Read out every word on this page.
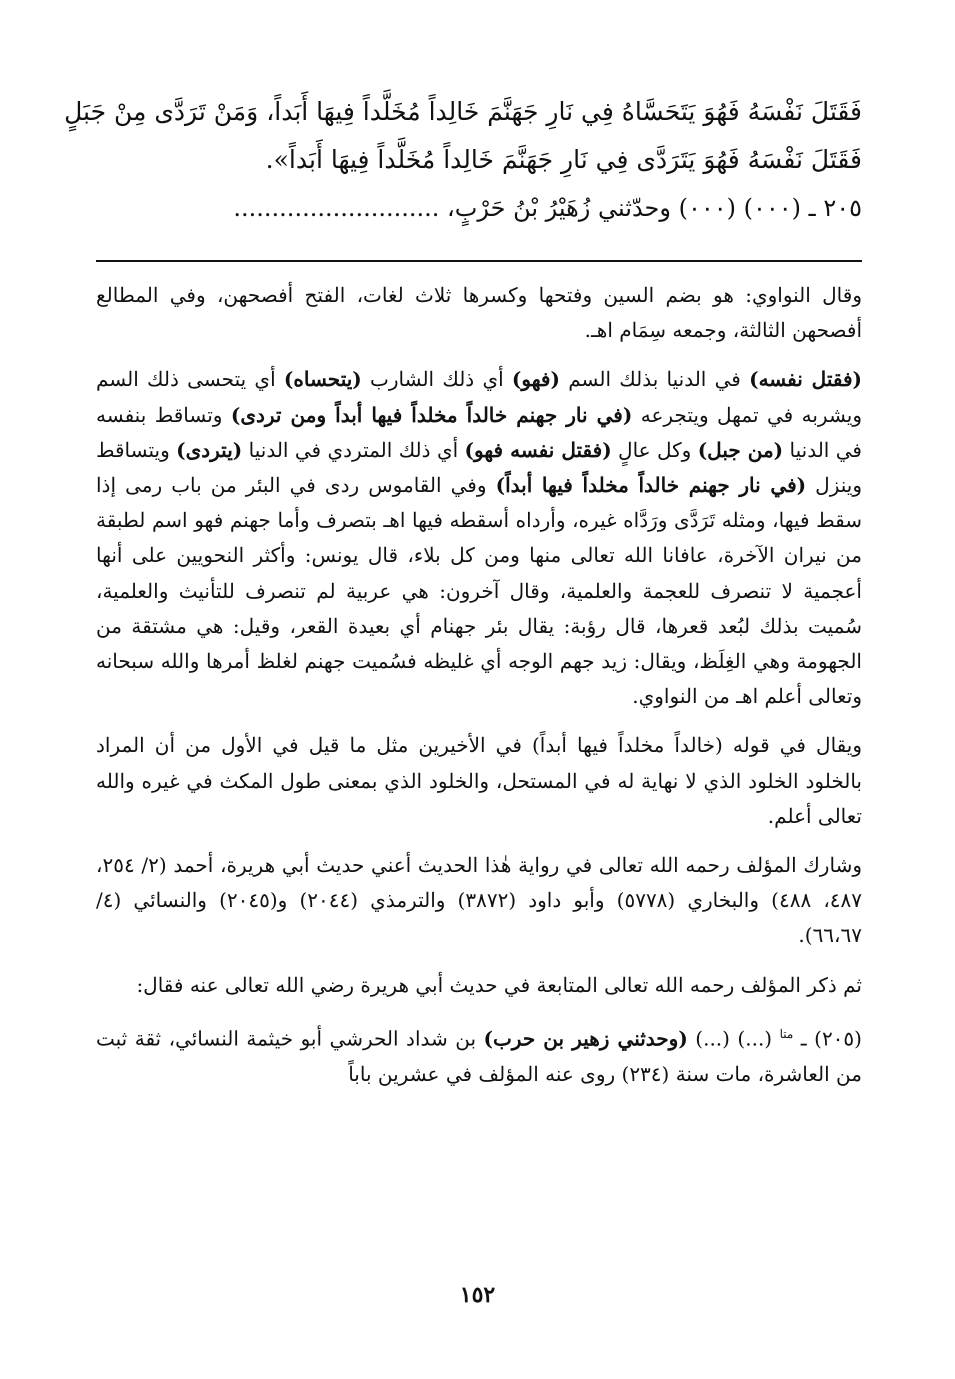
فَقَتَلَ نَفْسَهُ فَهُوَ يَتَحَسَّاهُ فِي نَارِ جَهَنَّمَ خَالِداً مُخَلَّداً فِيهَا أَبَداً، وَمَنْ تَرَدَّى مِنْ جَبَلٍ

فَقَتَلَ نَفْسَهُ فَهُوَ يَتَرَدَّى فِي نَارِ جَهَنَّمَ خَالِداً مُخَلَّداً فِيهَا أَبَداً».

٢٠٥ ـ (٠٠٠) (٠٠٠) وحدّثني زُهَيْرُ بْنُ حَرْبٍ، ...........................

وقال النواوي: هو بضم السين وفتحها وكسرها ثلاث لغات، الفتح أفصحهن، وفي المطالع أفصحهن الثالثة، وجمعه سِمَام اهـ.

(فقتل نفسه) في الدنيا بذلك السم (فهو) أي ذلك الشارب (يتحساه) أي يتحسى ذلك السم ويشربه في تمهل ويتجرعه (في نار جهنم خالداً مخلداً فيها أبداً ومن تردى) وتساقط بنفسه في الدنيا (من جبل) وكل عالٍ (فقتل نفسه فهو) أي ذلك المتردي في الدنيا (يتردى) ويتساقط وينزل (في نار جهنم خالداً مخلداً فيها أبداً) وفي القاموس ردى في البئر من باب رمى إذا سقط فيها، ومثله تَرَدَّى ورَدَّاه غيره، وأرداه أسقطه فيها اهـ بتصرف وأما جهنم فهو اسم لطبقة من نيران الآخرة، عافانا الله تعالى منها ومن كل بلاء، قال يونس: وأكثر النحويين على أنها أعجمية لا تنصرف للعجمة والعلمية، وقال آخرون: هي عربية لم تنصرف للتأنيث والعلمية، سُميت بذلك لبُعد قعرها، قال رؤبة: يقال بئر جهنام أي بعيدة القعر، وقيل: هي مشتقة من الجهومة وهي الغِلَظ، ويقال: زيد جهم الوجه أي غليظه فسُميت جهنم لغلظ أمرها والله سبحانه وتعالى أعلم اهـ من النواوي.

ويقال في قوله (خالداً مخلداً فيها أبداً) في الأخيرين مثل ما قيل في الأول من أن المراد بالخلود الخلود الذي لا نهاية له في المستحل، والخلود الذي بمعنى طول المكث في غيره والله تعالى أعلم.

وشارك المؤلف رحمه الله تعالى في رواية هٰذا الحديث أعني حديث أبي هريرة، أحمد (٢/ ٢٥٤، ٤٨٧، ٤٨٨) والبخاري (٥٧٧٨) وأبو داود (٣٨٧٢) والترمذي (٢٠٤٤) و(٢٠٤٥) والنسائي (٤/ ٦٦،٦٧).

ثم ذكر المؤلف رحمه الله تعالى المتابعة في حديث أبي هريرة رضي الله تعالى عنه فقال:

(٢٠٥) ـ $^{متا}$ (...) (...) (وحدثني زهير بن حرب) بن شداد الحرشي أبو خيثمة النسائي، ثقة ثبت من العاشرة، مات سنة (٢٣٤) روى عنه المؤلف في عشرين باباً

١٥٢
